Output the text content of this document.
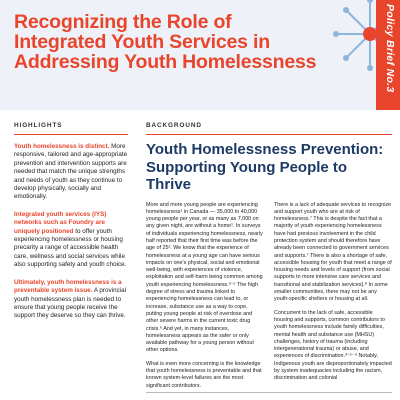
Recognizing the Role of
Integrated Youth Services in
Addressing Youth Homelessness	Policy Brief No.3
HIGHLIGHTS

Youth homelessness is distinct. More responsive, tailored and age-appropriate prevention and intervention supports are needed that match the unique strengths and needs of youth as they continue to develop physically, socially and emotionally.

Integrated youth services (IYS) networks such as Foundry are uniquely positioned to offer youth experiencing homelessness or housing precarity a range of accessible health care, wellness and social services while also supporting safety and youth choice.

Ultimately, youth homelessness is a preventable system issue. A provincial youth homelessness plan is needed to ensure that young people receive the support they deserve so they can thrive.

BACKGROUND
Youth Homelessness Prevention:
Supporting Young People to Thrive

More and more young people are experiencing homelessness¹ in Canada — 35,000 to 40,000 young people per year, or as many as 7,000 on any given night, are without a home¹. In surveys of individuals experiencing homelessness, nearly half reported that their first time was before the age of 25². We know that the experience of homelessness at a young age can have serious impacts on one's physical, social and emotional well-being, with experiences of violence, exploitation and self-harm being common among youth experiencing homelessness.³⁻⁵ The high degree of stress and trauma linked to experiencing homelessness can lead to, or increase, substance use as a way to cope, putting young people at risk of overdose and other severe harms in the current toxic drug crisis.⁶ And yet, in many instances, homelessness appears as the safer or only available pathway for a young person without other options.

What is even more concerning is the knowledge that youth homelessness is preventable and that known system-level failures are the most significant contributors.

There is a lack of adequate services to recognize and support youth who are at risk of homelessness.⁷ This is despite the fact that a majority of youth experiencing homelessness have had previous involvement in the child protection system and should therefore have already been connected to government services and supports.⁷ There is also a shortage of safe, accessible housing for youth that meet a range of housing needs and levels of support (from social supports to more intensive care services and transitional and stabilization services).⁸ In some smaller communities, there may not be any youth-specific shelters or housing at all.

Concurrent to the lack of safe, accessible housing and supports, common contributors to youth homelessness include family difficulties, mental health and substance use (MHSU) challenges, history of trauma (including intergenerational trauma) or abuse, and experiences of discrimination.³⁻⁵⁻⁹ Notably, Indigenous youth are disproportionately impacted by system inadequacies including the racism, discrimination and colonial
